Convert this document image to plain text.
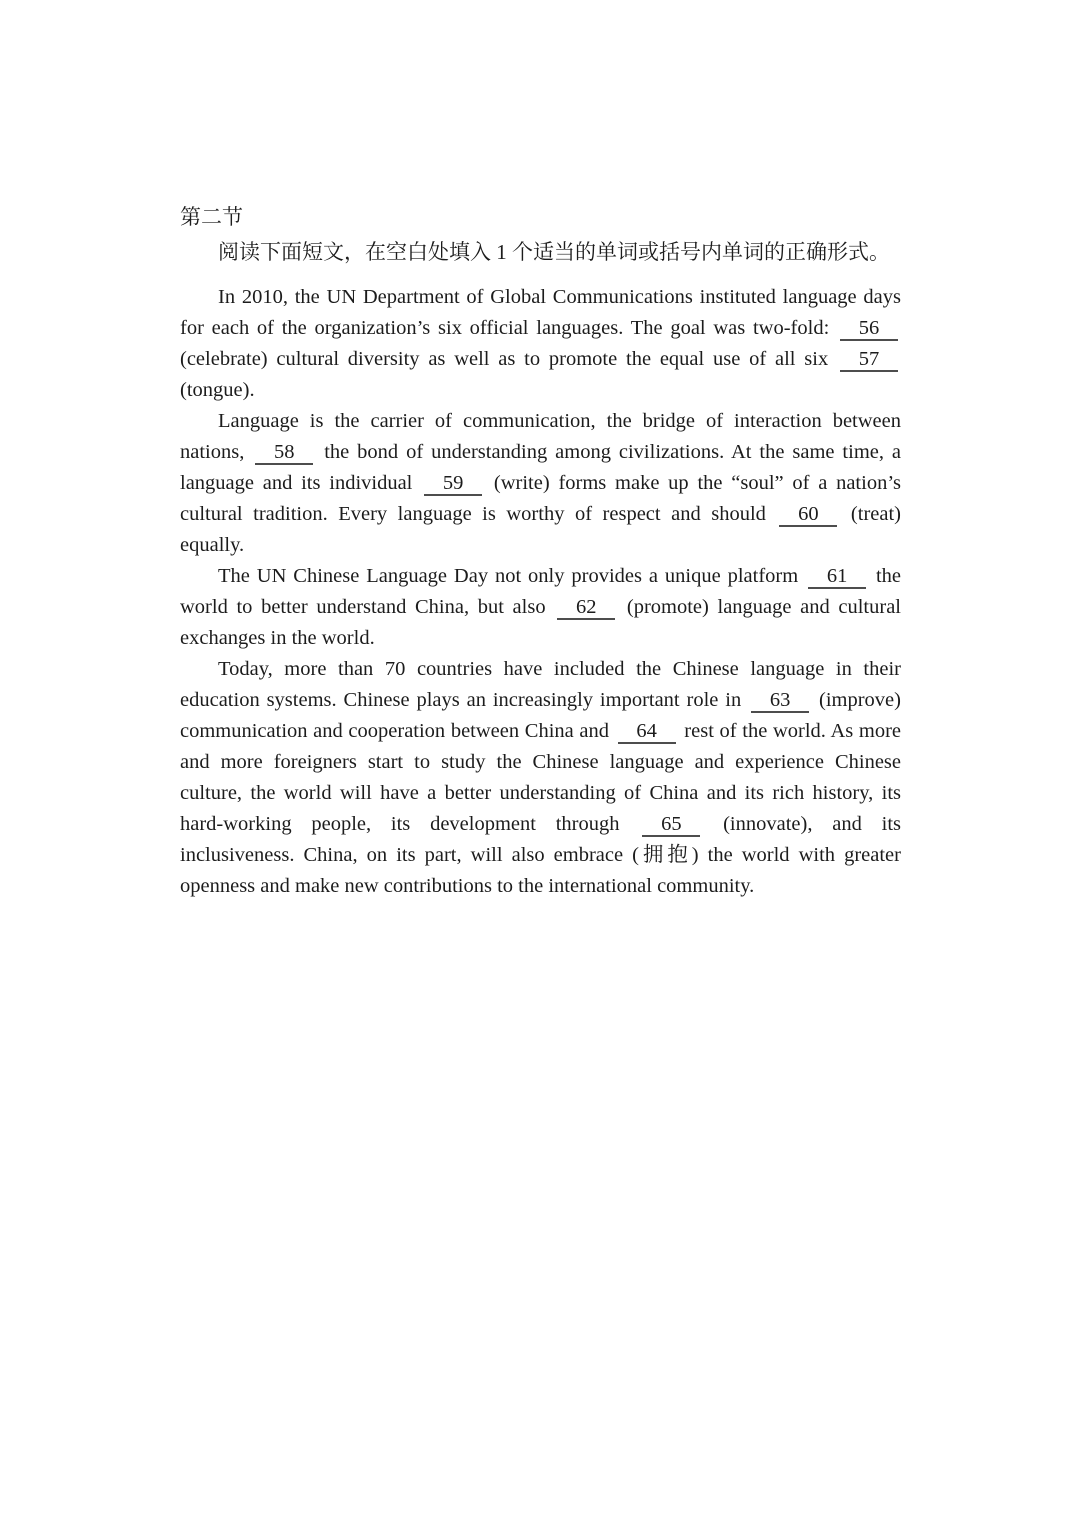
第二节

阅读下面短文，在空白处填入 1 个适当的单词或括号内单词的正确形式。

In 2010, the UN Department of Global Communications instituted language days for each of the organization’s six official languages. The goal was two-fold: 56 (celebrate) cultural diversity as well as to promote the equal use of all six 57 (tongue).

Language is the carrier of communication, the bridge of interaction between nations, 58 the bond of understanding among civilizations. At the same time, a language and its individual 59 (write) forms make up the “soul” of a nation’s cultural tradition. Every language is worthy of respect and should 60 (treat) equally.

The UN Chinese Language Day not only provides a unique platform 61 the world to better understand China, but also 62 (promote) language and cultural exchanges in the world.

Today, more than 70 countries have included the Chinese language in their education systems. Chinese plays an increasingly important role in 63 (improve) communication and cooperation between China and 64 rest of the world. As more and more foreigners start to study the Chinese language and experience Chinese culture, the world will have a better understanding of China and its rich history, its hard-working people, its development through 65 (innovate), and its inclusiveness. China, on its part, will also embrace (拥抱) the world with greater openness and make new contributions to the international community.
